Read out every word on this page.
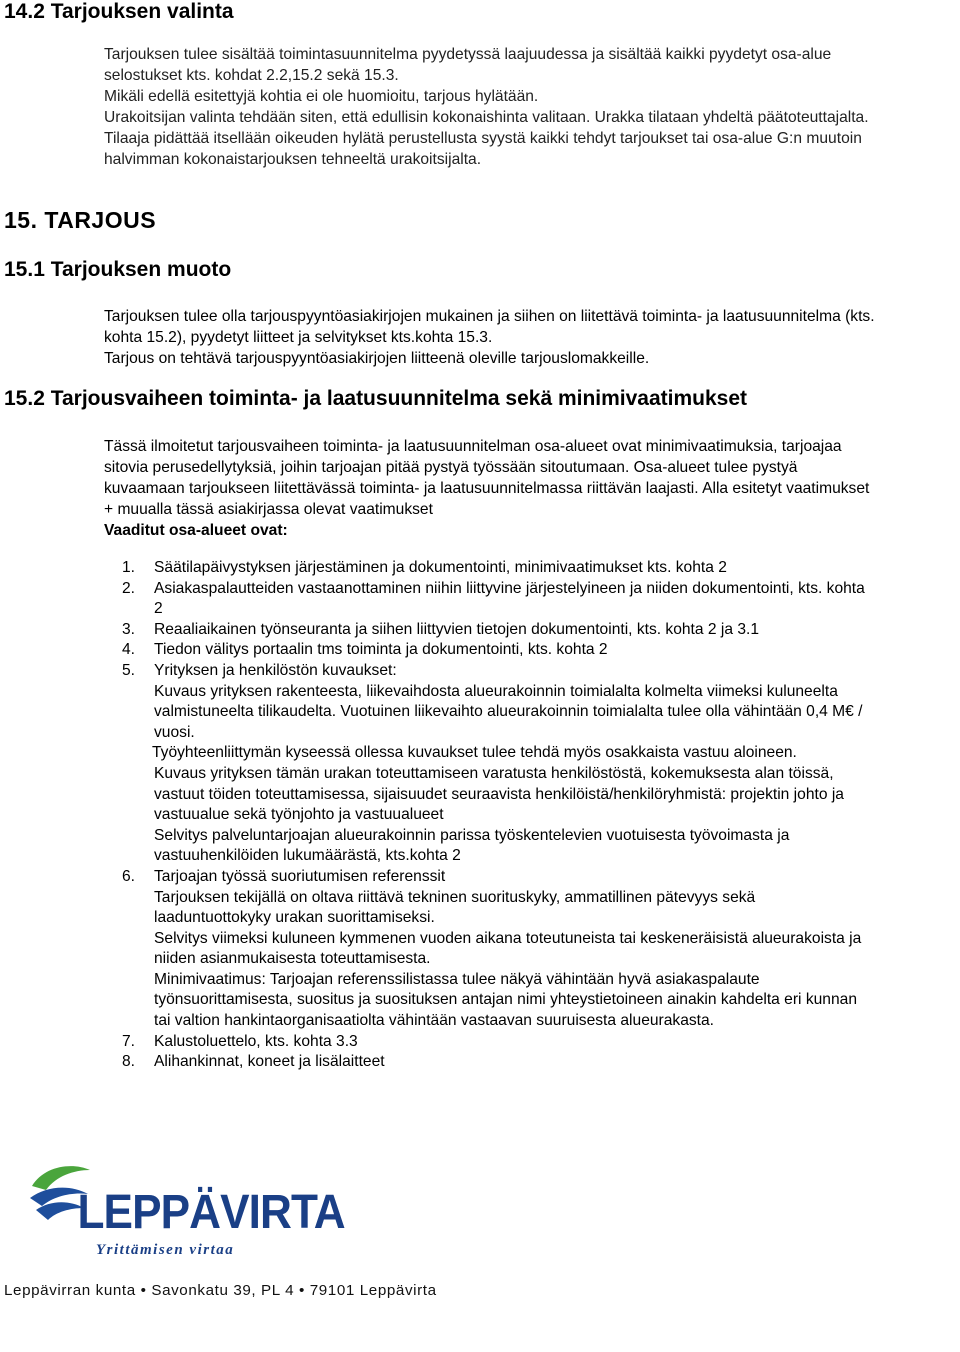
14.2 Tarjouksen valinta

Tarjouksen tulee sisältää toimintasuunnitelma pyydetyssä laajuudessa ja sisältää kaikki pyydetyt osa-alue selostukset kts. kohdat 2.2,15.2 sekä 15.3.

Mikäli edellä esitettyjä kohtia ei ole huomioitu, tarjous hylätään.

Urakoitsijan valinta tehdään siten, että edullisin kokonaishinta valitaan. Urakka tilataan yhdeltä päätoteuttajalta.

Tilaaja pidättää itsellään oikeuden hylätä perustellusta syystä kaikki tehdyt tarjoukset tai osa-alue G:n muutoin halvimman kokonaistarjouksen tehneeltä urakoitsijalta.

15. TARJOUS
15.1 Tarjouksen muoto

Tarjouksen tulee olla tarjouspyyntöasiakirjojen mukainen ja siihen on liitettävä toiminta- ja laatusuunnitelma (kts. kohta 15.2), pyydetyt liitteet ja selvitykset kts.kohta 15.3.

Tarjous on tehtävä tarjouspyyntöasiakirjojen liitteenä oleville tarjouslomakkeille.

15.2 Tarjousvaiheen toiminta- ja laatusuunnitelma sekä minimivaatimukset

Tässä ilmoitetut tarjousvaiheen toiminta- ja laatusuunnitelman osa-alueet ovat minimivaatimuksia, tarjoajaa sitovia perusedellytyksiä, joihin tarjoajan pitää pystyä työssään sitoutumaan. Osa-alueet tulee pystyä kuvaamaan tarjoukseen liitettävässä toiminta- ja laatusuunnitelmassa riittävän laajasti. Alla esitetyt vaatimukset + muualla tässä asiakirjassa olevat vaatimukset

Vaaditut osa-alueet ovat:

1. Säätilapäivystyksen järjestäminen ja dokumentointi, minimivaatimukset kts. kohta 2
2. Asiakaspalautteiden vastaanottaminen niihin liittyvine järjestelyineen ja niiden dokumentointi, kts. kohta 2
3. Reaaliaikainen työnseuranta ja siihen liittyvien tietojen dokumentointi, kts. kohta 2 ja 3.1
4. Tiedon välitys portaalin tms toiminta ja dokumentointi, kts. kohta 2
5. Yrityksen ja henkilöstön kuvaukset:

Kuvaus yrityksen rakenteesta, liikevaihdosta alueurakoinnin toimialalta kolmelta viimeksi kuluneelta valmistuneelta tilikaudelta. Vuotuinen liikevaihto alueurakoinnin toimialalta tulee olla vähintään 0,4 M€ / vuosi.

Työyhteenliittymän kyseessä ollessa kuvaukset tulee tehdä myös osakkaista vastuu aloineen.

Kuvaus yrityksen tämän urakan toteuttamiseen varatusta henkilöstöstä, kokemuksesta alan töissä, vastuut töiden toteuttamisessa, sijaisuudet seuraavista henkilöistä/henkilöryhmistä: projektin johto ja vastuualue sekä työnjohto ja vastuualueet

Selvitys palveluntarjoajan alueurakoinnin parissa työskentelevien vuotuisesta työvoimasta ja vastuuhenkilöiden lukumäärästä, kts.kohta 2

6. Tarjoajan työssä suoriutumisen referenssit

Tarjouksen tekijällä on oltava riittävä tekninen suorituskyky, ammatillinen pätevyys sekä laaduntuottokyky urakan suorittamiseksi.

Selvitys viimeksi kuluneen kymmenen vuoden aikana toteutuneista tai keskeneräisistä alueurakoista ja niiden asianmukaisesta toteuttamisesta.

Minimivaatimus: Tarjoajan referenssilistassa tulee näkyä vähintään hyvä asiakaspalaute työnsuorittamisesta, suositus ja suosituksen antajan nimi yhteystietoineen ainakin kahdelta eri kunnan tai valtion hankintaorganisaatiolta vähintään vastaavan suuruisesta alueurakasta.

7. Kalustoluettelo, kts. kohta 3.3
8. Alihankinnat, koneet ja lisälaitteet
LEPPÄVIRTA
Yrittämisen virtaa
Leppävirran kunta • Savonkatu 39, PL 4 • 79101 Leppävirta
